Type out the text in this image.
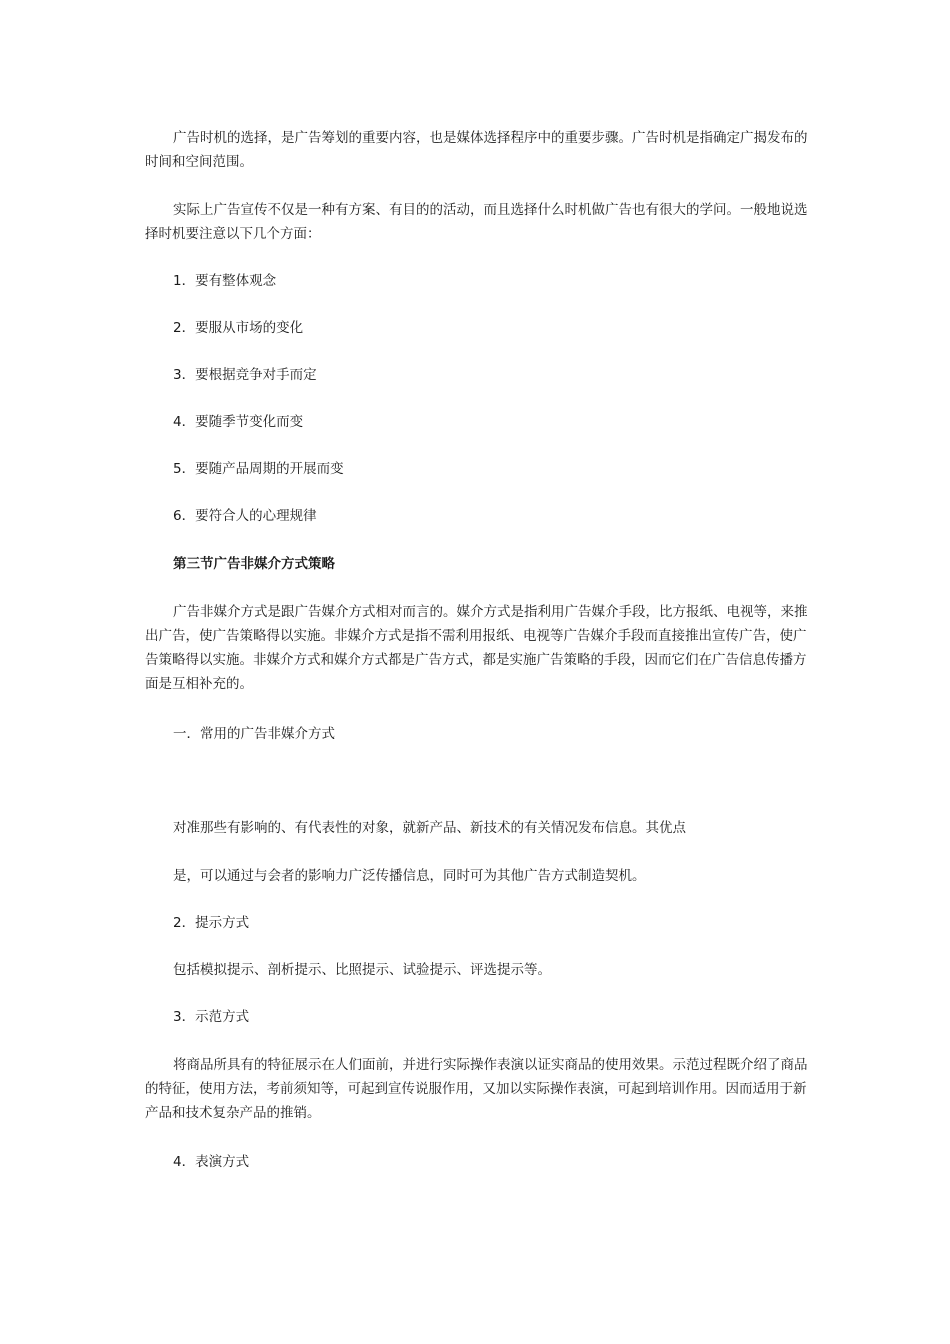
广告时机的选择，是广告筹划的重要内容，也是媒体选择程序中的重要步骤。广告时机是指确定广揭发布的时间和空间范围。

实际上广告宣传不仅是一种有方案、有目的的活动，而且选择什么时机做广告也有很大的学问。一般地说选择时机要注意以下几个方面：

1．要有整体观念

2．要服从市场的变化

3．要根据竞争对手而定

4．要随季节变化而变

5．要随产品周期的开展而变

6．要符合人的心理规律

第三节广告非媒介方式策略

广告非媒介方式是跟广告媒介方式相对而言的。媒介方式是指利用广告媒介手段，比方报纸、电视等，来推出广告，使广告策略得以实施。非媒介方式是指不需利用报纸、电视等广告媒介手段而直接推出宣传广告，使广告策略得以实施。非媒介方式和媒介方式都是广告方式，都是实施广告策略的手段，因而它们在广告信息传播方面是互相补充的。

一．常用的广告非媒介方式

对准那些有影响的、有代表性的对象，就新产品、新技术的有关情况发布信息。其优点

是，可以通过与会者的影响力广泛传播信息，同时可为其他广告方式制造契机。

2．提示方式

包括模拟提示、剖析提示、比照提示、试验提示、评选提示等。

3．示范方式

将商品所具有的特征展示在人们面前，并进行实际操作表演以证实商品的使用效果。示范过程既介绍了商品的特征，使用方法，考前须知等，可起到宣传说服作用，又加以实际操作表演，可起到培训作用。因而适用于新产品和技术复杂产品的推销。

4．表演方式
